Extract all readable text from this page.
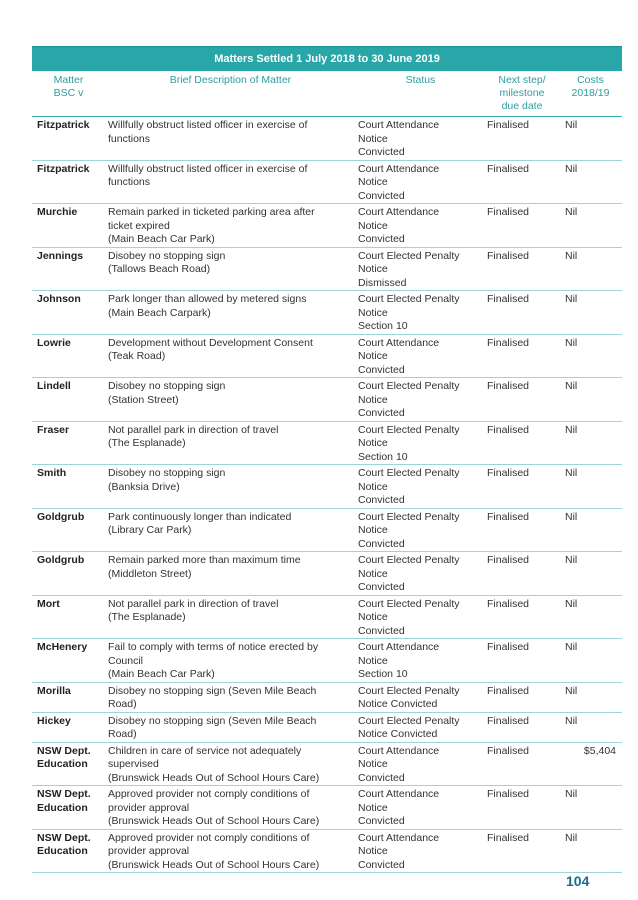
Matters Settled 1 July 2018 to 30 June 2019				

Matter
BSC v	Brief Description of Matter	Status	Next step/
milestone
due date	Costs
2018/19

Fitzpatrick	Willfully obstruct listed officer in exercise of
functions	Court Attendance
Notice
Convicted	Finalised	Nil

Fitzpatrick	Willfully obstruct listed officer in exercise of
functions	Court Attendance
Notice
Convicted	Finalised	Nil

Murchie	Remain parked in ticketed parking area after
ticket expired
(Main Beach Car Park)	Court Attendance
Notice
Convicted	Finalised	Nil

Jennings	Disobey no stopping sign
(Tallows Beach Road)	Court Elected Penalty
Notice
Dismissed	Finalised	Nil

Johnson	Park longer than allowed by metered signs
(Main Beach Carpark)	Court Elected Penalty
Notice
Section 10	Finalised	Nil

Lowrie	Development without Development Consent
(Teak Road)	Court Attendance
Notice
Convicted	Finalised	Nil

Lindell	Disobey no stopping sign
(Station Street)	Court Elected Penalty
Notice
Convicted	Finalised	Nil

Fraser	Not parallel park in direction of travel
(The Esplanade)	Court Elected Penalty
Notice
Section 10	Finalised	Nil

Smith	Disobey no stopping sign
(Banksia Drive)	Court Elected Penalty
Notice
Convicted	Finalised	Nil

Goldgrub	Park continuously longer than indicated
(Library Car Park)	Court Elected Penalty
Notice
Convicted	Finalised	Nil

Goldgrub	Remain parked more than maximum time
(Middleton Street)	Court Elected Penalty
Notice
Convicted	Finalised	Nil

Mort	Not parallel park in direction of travel
(The Esplanade)	Court Elected Penalty
Notice
Convicted	Finalised	Nil

McHenery	Fail to comply with terms of notice erected by
Council
(Main Beach Car Park)	Court Attendance
Notice
Section 10	Finalised	Nil

Morilla	Disobey no stopping sign (Seven Mile Beach
Road)	Court Elected Penalty
Notice Convicted	Finalised	Nil

Hickey	Disobey no stopping sign (Seven Mile Beach
Road)	Court Elected Penalty
Notice Convicted	Finalised	Nil

NSW Dept.
Education	Children in care of service not adequately
supervised
(Brunswick Heads Out of School Hours Care)	Court Attendance
Notice
Convicted	Finalised	$5,404

NSW Dept.
Education	Approved provider not comply conditions of
provider approval
(Brunswick Heads Out of School Hours Care)	Court Attendance
Notice
Convicted	Finalised	Nil

NSW Dept.
Education	Approved provider not comply conditions of
provider approval
(Brunswick Heads Out of School Hours Care)	Court Attendance
Notice
Convicted	Finalised	Nil
104
